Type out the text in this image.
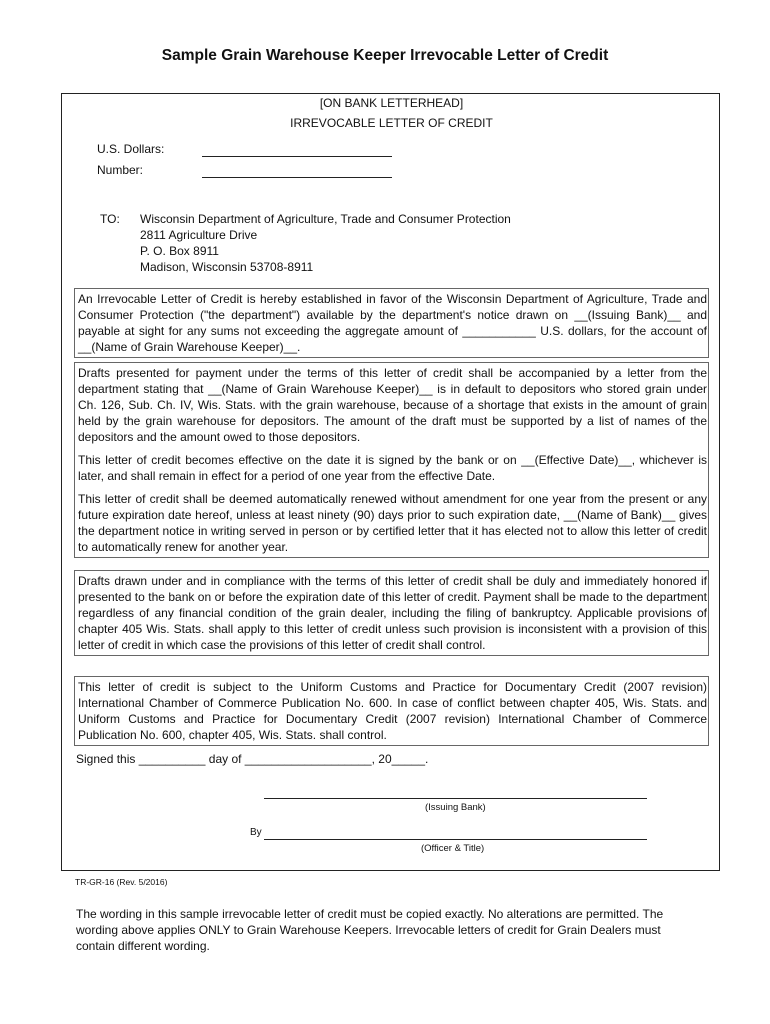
Sample Grain Warehouse Keeper Irrevocable Letter of Credit
[ON BANK LETTERHEAD]
IRREVOCABLE LETTER OF CREDIT
U.S. Dollars:
Number:
TO: Wisconsin Department of Agriculture, Trade and Consumer Protection
2811 Agriculture Drive
P. O. Box 8911
Madison, Wisconsin 53708-8911

An Irrevocable Letter of Credit is hereby established in favor of the Wisconsin Department of Agriculture, Trade and Consumer Protection ("the department") available by the department's notice drawn on __(Issuing Bank)__ and payable at sight for any sums not exceeding the aggregate amount of ___________ U.S. dollars, for the account of __(Name of Grain Warehouse Keeper)__.

Drafts presented for payment under the terms of this letter of credit shall be accompanied by a letter from the department stating that __(Name of Grain Warehouse Keeper)__ is in default to depositors who stored grain under Ch. 126, Sub. Ch. IV, Wis. Stats. with the grain warehouse, because of a shortage that exists in the amount of grain held by the grain warehouse for depositors. The amount of the draft must be supported by a list of names of the depositors and the amount owed to those depositors.

This letter of credit becomes effective on the date it is signed by the bank or on __(Effective Date)__, whichever is later, and shall remain in effect for a period of one year from the effective Date.

This letter of credit shall be deemed automatically renewed without amendment for one year from the present or any future expiration date hereof, unless at least ninety (90) days prior to such expiration date, __(Name of Bank)__ gives the department notice in writing served in person or by certified letter that it has elected not to allow this letter of credit to automatically renew for another year.

Drafts drawn under and in compliance with the terms of this letter of credit shall be duly and immediately honored if presented to the bank on or before the expiration date of this letter of credit. Payment shall be made to the department regardless of any financial condition of the grain dealer, including the filing of bankruptcy. Applicable provisions of chapter 405 Wis. Stats. shall apply to this letter of credit unless such provision is inconsistent with a provision of this letter of credit in which case the provisions of this letter of credit shall control.

This letter of credit is subject to the Uniform Customs and Practice for Documentary Credit (2007 revision) International Chamber of Commerce Publication No. 600. In case of conflict between chapter 405, Wis. Stats. and Uniform Customs and Practice for Documentary Credit (2007 revision) International Chamber of Commerce Publication No. 600, chapter 405, Wis. Stats. shall control.

Signed this __________ day of ___________________, 20_____.
(Issuing Bank)
By
(Officer & Title)
TR-GR-16 (Rev. 5/2016)
The wording in this sample irrevocable letter of credit must be copied exactly. No alterations are permitted. The wording above applies ONLY to Grain Warehouse Keepers. Irrevocable letters of credit for Grain Dealers must contain different wording.
